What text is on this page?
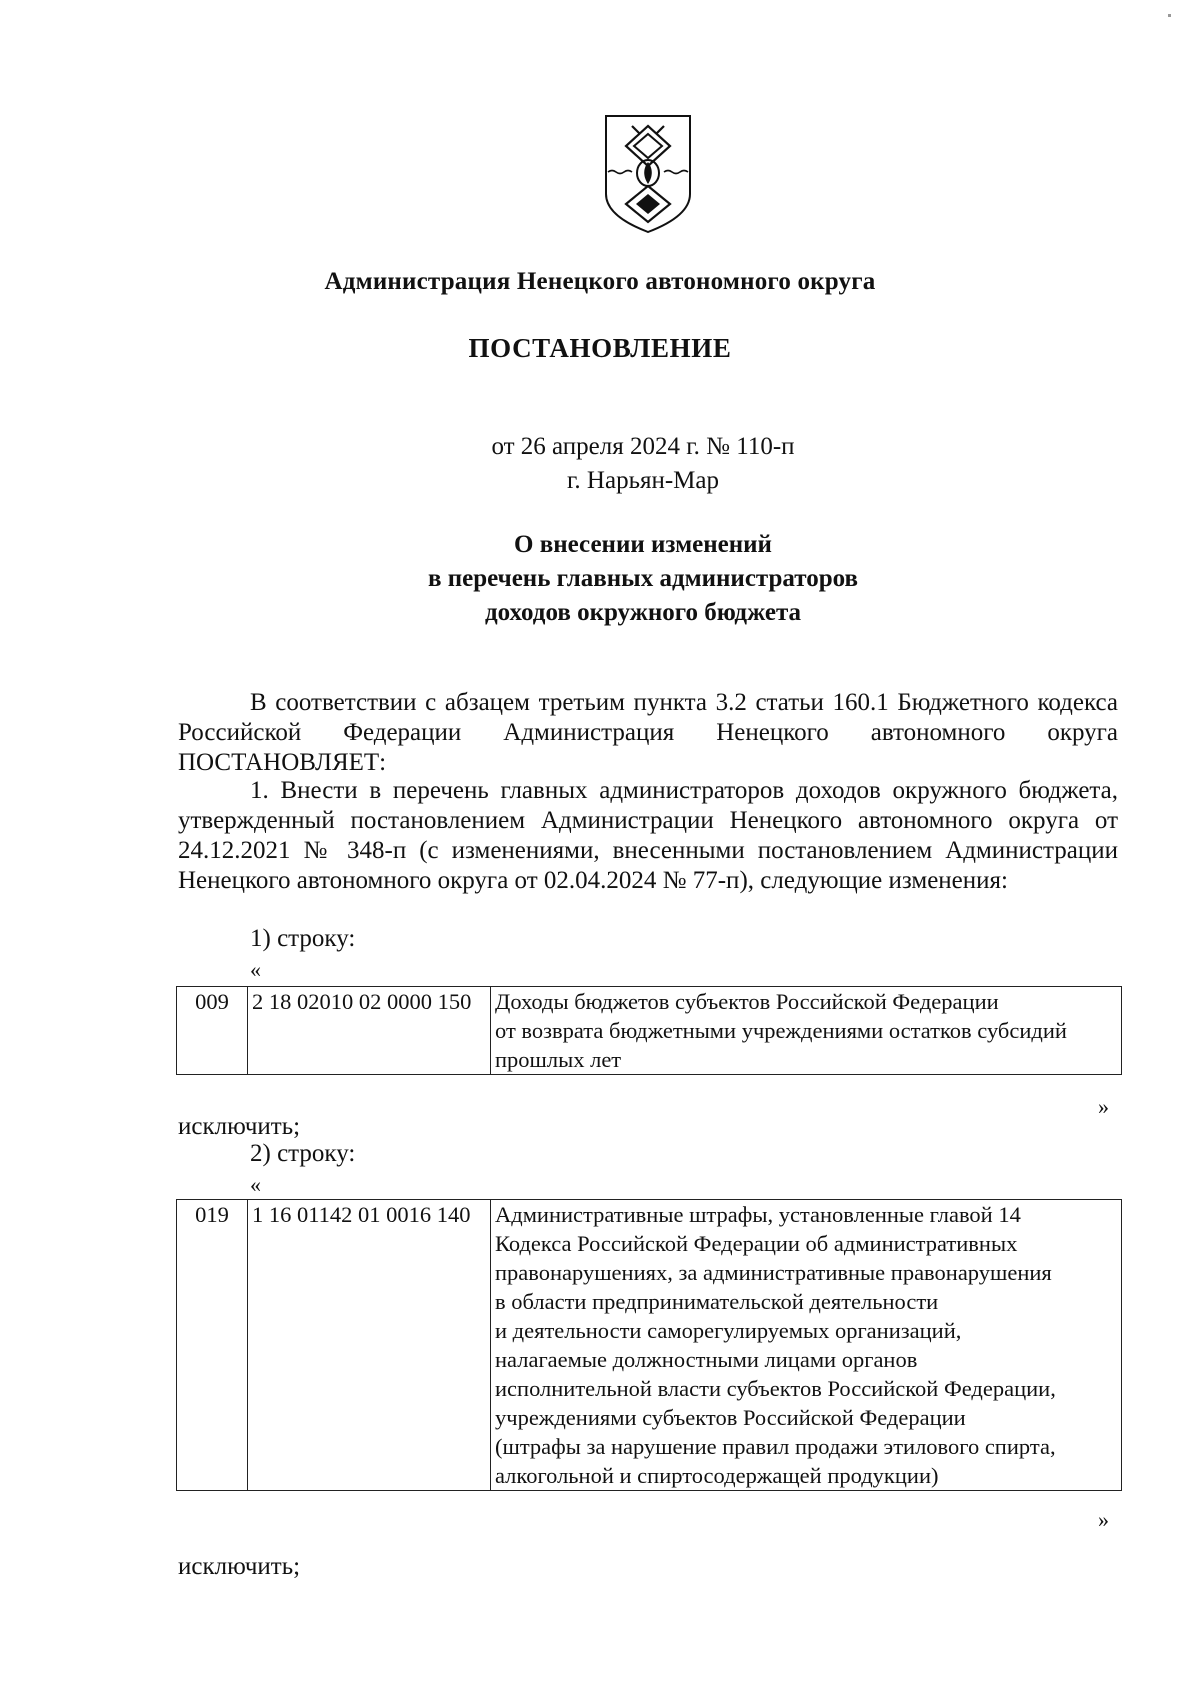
Администрация Ненецкого автономного округа
ПОСТАНОВЛЕНИЕ
от 26 апреля 2024 г. № 110-п
г. Нарьян-Мар
О внесении изменений
в перечень главных администраторов
доходов окружного бюджета
В соответствии с абзацем третьим пункта 3.2 статьи 160.1 Бюджетного кодекса Российской Федерации Администрация Ненецкого автономного округа ПОСТАНОВЛЯЕТ:
1. Внести в перечень главных администраторов доходов окружного бюджета, утвержденный постановлением Администрации Ненецкого автономного округа от 24.12.2021 № 348-п (с изменениями, внесенными постановлением Администрации Ненецкого автономного округа от 02.04.2024 № 77-п), следующие изменения:
1) строку:
«
009	2 18 02010 02 0000 150	Доходы бюджетов субъектов Российской Федерации
от возврата бюджетными учреждениями остатков субсидий
прошлых лет
»
исключить;
2) строку:
«
019	1 16 01142 01 0016 140	Административные штрафы, установленные главой 14
Кодекса Российской Федерации об административных
правонарушениях, за административные правонарушения
в области предпринимательской деятельности
и деятельности саморегулируемых организаций,
налагаемые должностными лицами органов
исполнительной власти субъектов Российской Федерации,
учреждениями субъектов Российской Федерации
(штрафы за нарушение правил продажи этилового спирта,
алкогольной и спиртосодержащей продукции)
»
исключить;
